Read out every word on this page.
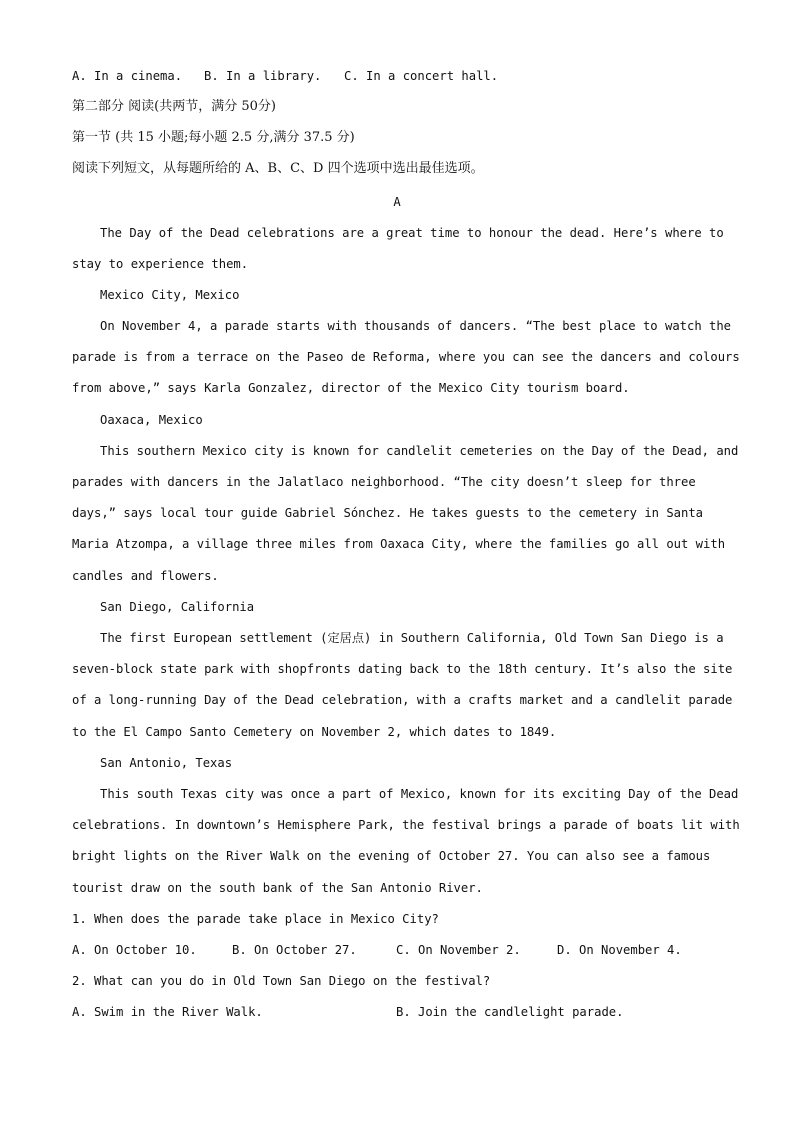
A. In a cinema. B. In a library. C. In a concert hall.
第二部分 阅读(共两节，满分 50分)
第一节 (共 15 小题;每小题 2.5 分,满分 37.5 分)
阅读下列短文，从每题所给的 A、B、C、D 四个选项中选出最佳选项。
A
The Day of the Dead celebrations are a great time to honour the dead. Here’s where to
stay to experience them.
Mexico City, Mexico
On November 4, a parade starts with thousands of dancers. “The best place to watch the
parade is from a terrace on the Paseo de Reforma, where you can see the dancers and colours
from above,” says Karla Gonzalez, director of the Mexico City tourism board.
Oaxaca, Mexico
This southern Mexico city is known for candlelit cemeteries on the Day of the Dead, and
parades with dancers in the Jalatlaco neighborhood. “The city doesn’t sleep for three
days,” says local tour guide Gabriel Sónchez. He takes guests to the cemetery in Santa
Maria Atzompa, a village three miles from Oaxaca City, where the families go all out with
candles and flowers.
San Diego, California
The first European settlement (定居点) in Southern California, Old Town San Diego is a
seven-block state park with shopfronts dating back to the 18th century. It’s also the site
of a long-running Day of the Dead celebration, with a crafts market and a candlelit parade
to the El Campo Santo Cemetery on November 2, which dates to 1849.
San Antonio, Texas
This south Texas city was once a part of Mexico, known for its exciting Day of the Dead
celebrations. In downtown’s Hemisphere Park, the festival brings a parade of boats lit with
bright lights on the River Walk on the evening of October 27. You can also see a famous
tourist draw on the south bank of the San Antonio River.
1. When does the parade take place in Mexico City?
A. On October 10.	B. On October 27.	C. On November 2.	D. On November 4.
2. What can you do in Old Town San Diego on the festival?
A. Swim in the River Walk.	B. Join the candlelight parade.
